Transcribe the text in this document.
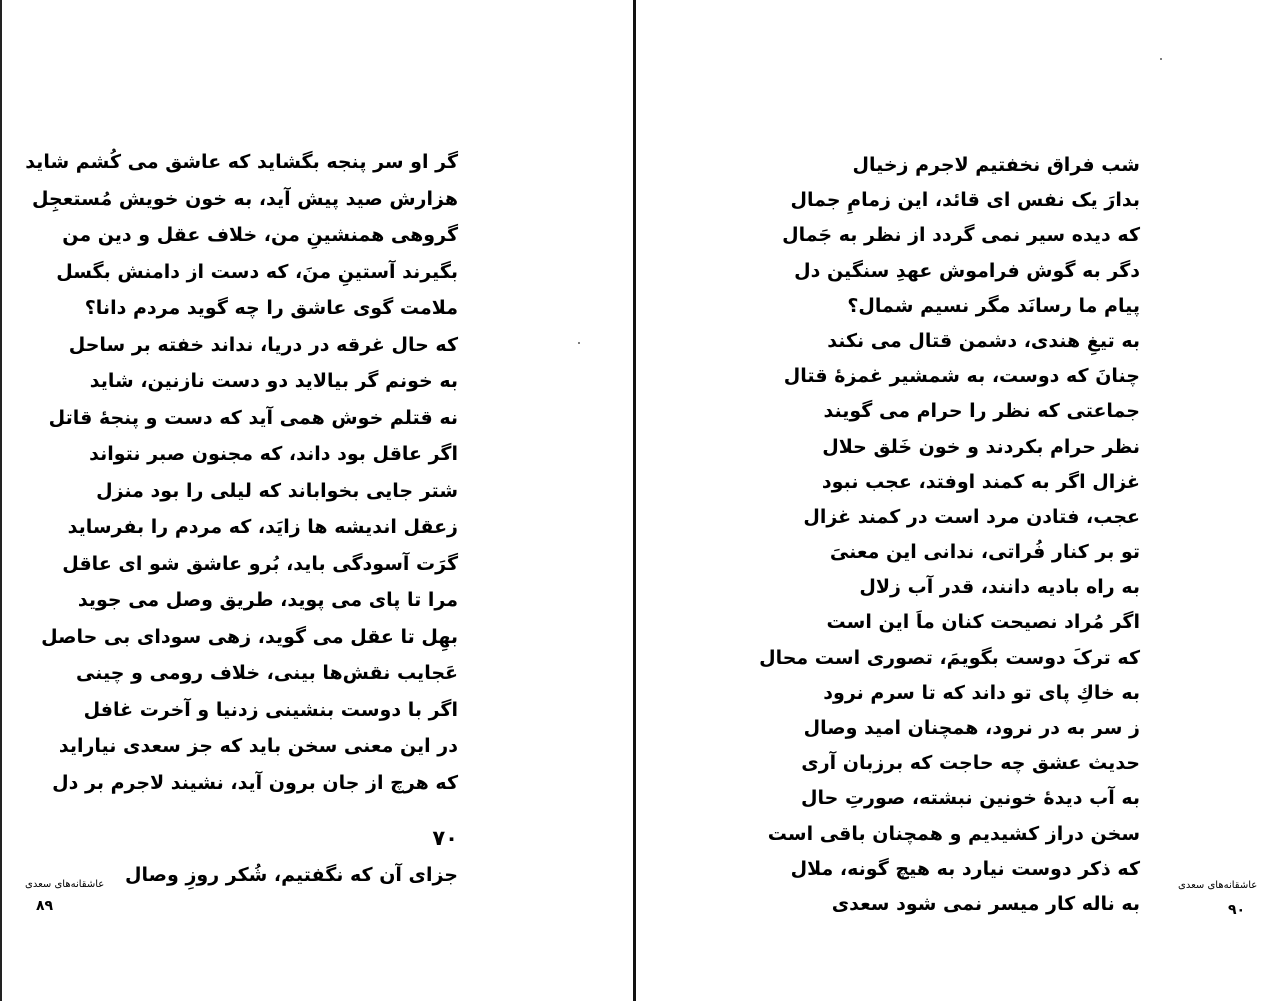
گر او سر پنجه بگشاید که عاشق می کُشم شاید
هزارش صید پیش آید، به خون خویش مُستعجِل
گروهی همنشینِ من، خلاف عقل و دین من
بگیرند آستینِ منَ، که دست از دامنش بگسل
ملامت گوی عاشق را چه گوید مردم دانا؟
که حال غرقه در دریا، نداند خفته بر ساحل
به خونم گر بیالاید دو دست نازنین، شاید
نه قتلم خوش همی آید که دست و پنجهٔ قاتل
اگر عاقل بود داند، که مجنون صبر نتواند
شتر جایی بخواباند که لیلی را بود منزل
زعقل اندیشه ها زایَد، که مردم را بفرساید
گرَت آسودگی باید، بُرو عاشق شو ای عاقل
مرا تا پای می پوید، طریق وصل می جوید
بهِل تا عقل می گوید، زهی سودای بی حاصل
عَجایب نقش‌ها بینی، خلاف رومی و چینی
اگر با دوست بنشینی زدنیا و آخرت غافل
در این معنی سخن باید که جز سعدی نیاراید
که هرچ از جان برون آید، نشیند لاجرم بر دل
۷۰
جزای آن که نگفتیم، شُکر روزِ وصال
عاشقانه‌های سعدی
۸۹
شب فراق نخفتیم لاجرم زخیال
بدارَ یک نفس ای قائد، این زمامِ جمال
که دیده سیر نمی گردد از نظر به جَمال
دگر به گوش فراموش عهدِ سنگین دل
پیام ما رسانَد مگر نسیم شمال؟
به تیغِ هندی، دشمن قتال می نکند
چنانَ که دوست، به شمشیر غمزهٔ قتال
جماعتی که نظر را حرام می گویند
نظر حرام بکردند و خون خَلق حلال
غزال اگر به کمند اوفتد، عجب نبود
عجب، فتادن مرد است در کمند غزال
تو بر کنار فُراتی، ندانی این معنیَ
به راه بادیه دانند، قدر آب زلال
اگر مُراد نصیحت کنان ماَ این است
که ترکَ دوست بگویمَ، تصوری است محال
به خاكِ پای تو داند که تا سرم نرود
ز سر به در نرود، همچنان امید وصال
حدیث عشق چه حاجت که برزبان آری
به آب دیدهٔ خونین نبشته، صورتِ حال
سخن دراز کشیدیم و همچنان باقی است
که ذکر دوست نیارد به هیچ گونه، ملال
به ناله کار میسر نمی شود سعدی
عاشقانه‌های سعدی
۹۰
